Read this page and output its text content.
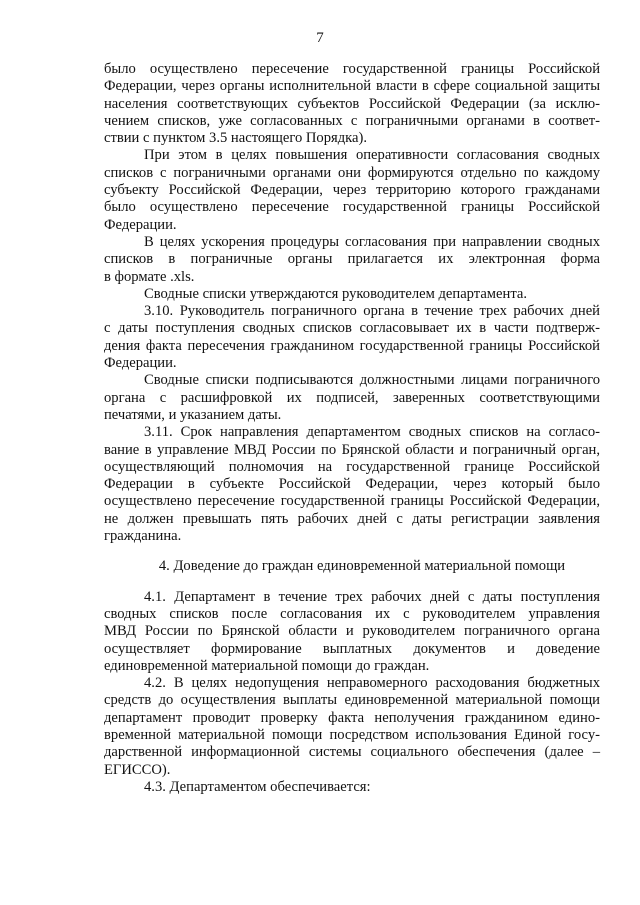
7
было осуществлено пересечение государственной границы Российской
Федерации, через органы исполнительной власти в сфере социальной защиты
населения соответствующих субъектов Российской Федерации (за исклю-
чением списков, уже согласованных с пограничными органами в соответ-
ствии с пунктом 3.5 настоящего Порядка).
При этом в целях повышения оперативности согласования сводных
списков с пограничными органами они формируются отдельно по каждому
субъекту Российской Федерации, через территорию которого гражданами
было осуществлено пересечение государственной границы Российской
Федерации.
В целях ускорения процедуры согласования при направлении сводных
списков в пограничные органы прилагается их электронная форма
в формате .xls.
Сводные списки утверждаются руководителем департамента.
3.10. Руководитель пограничного органа в течение трех рабочих дней
с даты поступления сводных списков согласовывает их в части подтверж-
дения факта пересечения гражданином государственной границы Российской
Федерации.
Сводные списки подписываются должностными лицами пограничного
органа с расшифровкой их подписей, заверенных соответствующими
печатями, и указанием даты.
3.11. Срок направления департаментом сводных списков на согласо-
вание в управление МВД России по Брянской области и пограничный орган,
осуществляющий полномочия на государственной границе Российской
Федерации в субъекте Российской Федерации, через который было
осуществлено пересечение государственной границы Российской Федерации,
не должен превышать пять рабочих дней с даты регистрации заявления
гражданина.
4. Доведение до граждан единовременной материальной помощи
4.1. Департамент в течение трех рабочих дней с даты поступления
сводных списков после согласования их с руководителем управления
МВД России по Брянской области и руководителем пограничного органа
осуществляет формирование выплатных документов и доведение
единовременной материальной помощи до граждан.
4.2. В целях недопущения неправомерного расходования бюджетных
средств до осуществления выплаты единовременной материальной помощи
департамент проводит проверку факта неполучения гражданином едино-
временной материальной помощи посредством использования Единой госу-
дарственной информационной системы социального обеспечения (далее –
ЕГИССО).
4.3. Департаментом обеспечивается:
